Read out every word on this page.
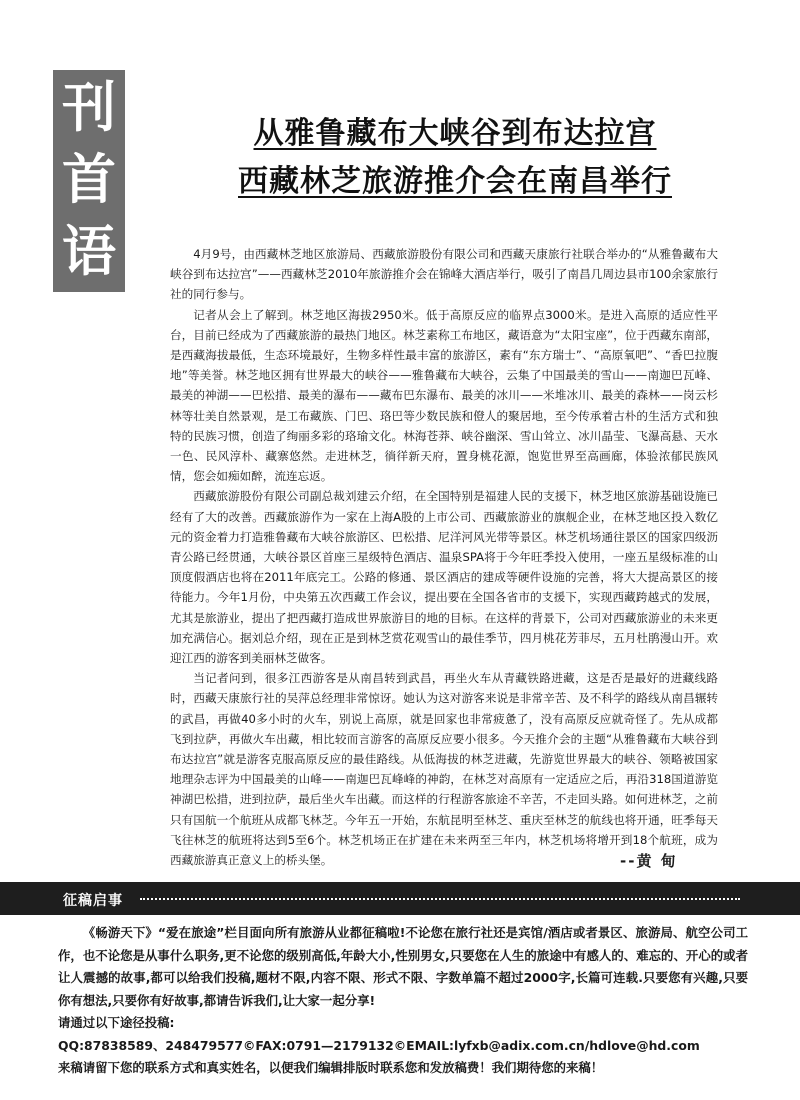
刊
首
语
从雅鲁藏布大峡谷到布达拉宫
西藏林芝旅游推介会在南昌举行

4月9号，由西藏林芝地区旅游局、西藏旅游股份有限公司和西藏天康旅行社联合举办的“从雅鲁藏布大峡谷到布达拉宫”——西藏林芝2010年旅游推介会在锦峰大酒店举行，吸引了南昌几周边县市100余家旅行社的同行参与。

记者从会上了解到。林芝地区海拔2950米。低于高原反应的临界点3000米。是进入高原的适应性平台，目前已经成为了西藏旅游的最热门地区。林芝素称工布地区，藏语意为“太阳宝座”，位于西藏东南部，是西藏海拔最低，生态环境最好，生物多样性最丰富的旅游区，素有“东方瑞士”、“高原氧吧”、“香巴拉腹地”等美誉。林芝地区拥有世界最大的峡谷——雅鲁藏布大峡谷，云集了中国最美的雪山——南迦巴瓦峰、最美的神湖——巴松措、最美的瀑布——藏布巴东瀑布、最美的冰川——米堆冰川、最美的森林——岗云杉林等壮美自然景观，是工布藏族、门巴、珞巴等少数民族和僜人的聚居地，至今传承着古朴的生活方式和独特的民族习惯，创造了绚丽多彩的珞瑜文化。林海苍莽、峡谷幽深、雪山耸立、冰川晶莹、飞瀑高悬、天水一色、民风淳朴、藏寨悠然。走进林芝，徜徉新天府，置身桃花源，饱览世界至高画廊，体验浓郁民族风情，您会如痴如醉，流连忘返。

西藏旅游股份有限公司副总裁刘建云介绍，在全国特别是福建人民的支援下，林芝地区旅游基础设施已经有了大的改善。西藏旅游作为一家在上海A股的上市公司、西藏旅游业的旗舰企业，在林芝地区投入数亿元的资金着力打造雅鲁藏布大峡谷旅游区、巴松措、尼洋河风光带等景区。林芝机场通往景区的国家四级沥青公路已经贯通，大峡谷景区首座三星级特色酒店、温泉SPA将于今年旺季投入使用，一座五星级标准的山顶度假酒店也将在2011年底完工。公路的修通、景区酒店的建成等硬件设施的完善，将大大提高景区的接待能力。今年1月份，中央第五次西藏工作会议，提出要在全国各省市的支援下，实现西藏跨越式的发展，尤其是旅游业，提出了把西藏打造成世界旅游目的地的目标。在这样的背景下，公司对西藏旅游业的未来更加充满信心。据刘总介绍，现在正是到林芝赏花观雪山的最佳季节，四月桃花芳菲尽，五月杜鹃漫山开。欢迎江西的游客到美丽林芝做客。

当记者问到，很多江西游客是从南昌转到武昌，再坐火车从青藏铁路进藏，这是否是最好的进藏线路时，西藏天康旅行社的吴萍总经理非常惊讶。她认为这对游客来说是非常辛苦、及不科学的路线从南昌辗转的武昌，再做40多小时的火车，别说上高原，就是回家也非常疲惫了，没有高原反应就奇怪了。先从成都飞到拉萨，再做火车出藏，相比较而言游客的高原反应要小很多。今天推介会的主题“从雅鲁藏布大峡谷到布达拉宫”就是游客克服高原反应的最佳路线。从低海拔的林芝进藏，先游览世界最大的峡谷、领略被国家地理杂志评为中国最美的山峰——南迦巴瓦峰峰的神韵，在林芝对高原有一定适应之后，再沿318国道游览神湖巴松措，进到拉萨，最后坐火车出藏。而这样的行程游客旅途不辛苦，不走回头路。如何进林芝，之前只有国航一个航班从成都飞林芝。今年五一开始，东航昆明至林芝、重庆至林芝的航线也将开通，旺季每天飞往林芝的航班将达到5至6个。林芝机场正在扩建在未来两至三年内，林芝机场将增开到18个航班，成为西藏旅游真正意义上的桥头堡。	--黄 甸
征稿启事

《畅游天下》“爱在旅途”栏目面向所有旅游从业都征稿啦!不论您在旅行社还是宾馆/酒店或者景区、旅游局、航空公司工作，也不论您是从事什么职务,更不论您的级别高低,年龄大小,性别男女,只要您在人生的旅途中有感人的、难忘的、开心的或者让人震撼的故事,都可以给我们投稿,题材不限,内容不限、形式不限、字数单篇不超过2000字,长篇可连载.只要您有兴趣,只要你有想法,只要你有好故事,都请告诉我们,让大家一起分享!

请通过以下途径投稿:

QQ:87838589、248479577©FAX:0791—2179132©EMAIL:lyfxb@adix.com.cn/hdlove@hd.com

来稿请留下您的联系方式和真实姓名，以便我们编辑排版时联系您和发放稿费！我们期待您的来稿！
